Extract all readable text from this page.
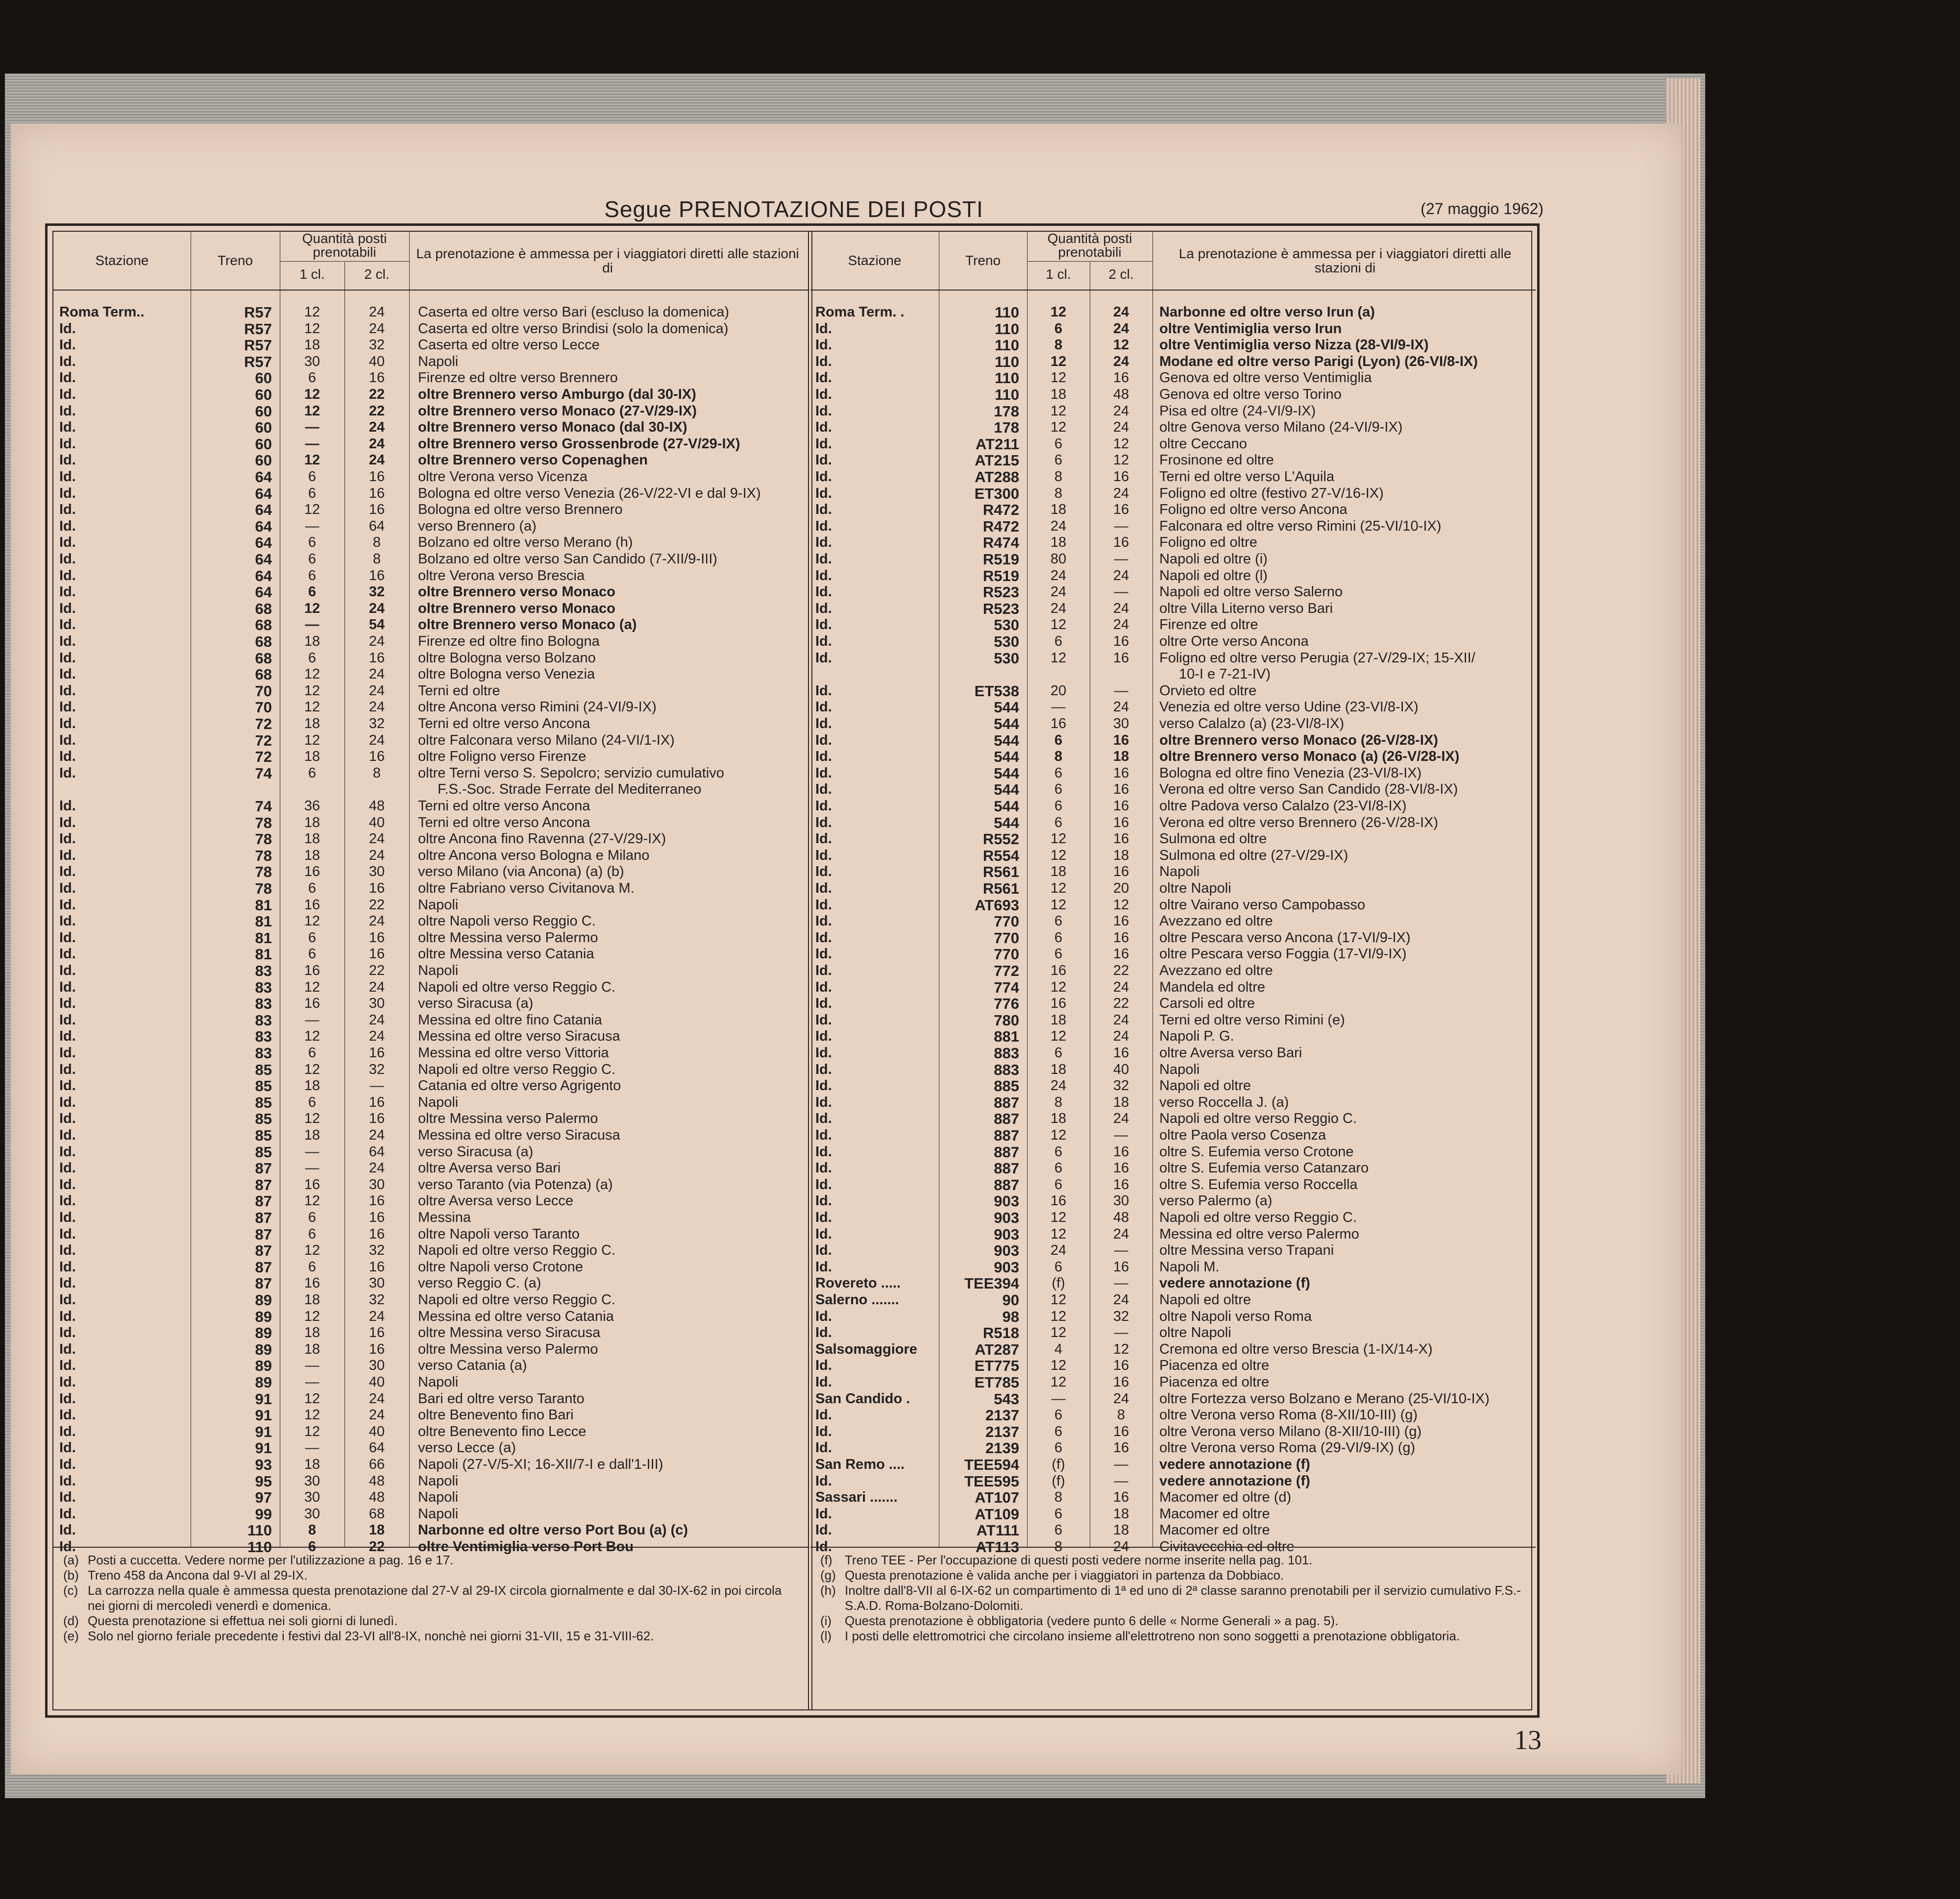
Segue PRENOTAZIONE DEI POSTI	(27 maggio 1962)
Stazione	Treno
Quantità posti prenotabili
1 cl.	2 cl.
La prenotazione è ammessa per i viaggiatori diretti alle stazioni di
Roma Term..	R57	12	24	Caserta ed oltre verso Bari (escluso la domenica)
Id.	R57	12	24	Caserta ed oltre verso Brindisi (solo la domenica)
Id.	R57	18	32	Caserta ed oltre verso Lecce
Id.	R57	30	40	Napoli
Id.	60	6	16	Firenze ed oltre verso Brennero
Id.	60	12	22	oltre Brennero verso Amburgo (dal 30-IX)
Id.	60	12	22	oltre Brennero verso Monaco (27-V/29-IX)
Id.	60	—	24	oltre Brennero verso Monaco (dal 30-IX)
Id.	60	—	24	oltre Brennero verso Grossenbrode (27-V/29-IX)
Id.	60	12	24	oltre Brennero verso Copenaghen
Id.	64	6	16	oltre Verona verso Vicenza
Id.	64	6	16	Bologna ed oltre verso Venezia (26-V/22-VI e dal 9-IX)
Id.	64	12	16	Bologna ed oltre verso Brennero
Id.	64	—	64	verso Brennero (a)
Id.	64	6	8	Bolzano ed oltre verso Merano (h)
Id.	64	6	8	Bolzano ed oltre verso San Candido (7-XII/9-III)
Id.	64	6	16	oltre Verona verso Brescia
Id.	64	6	32	oltre Brennero verso Monaco
Id.	68	12	24	oltre Brennero verso Monaco
Id.	68	—	54	oltre Brennero verso Monaco (a)
Id.	68	18	24	Firenze ed oltre fino Bologna
Id.	68	6	16	oltre Bologna verso Bolzano
Id.	68	12	24	oltre Bologna verso Venezia
Id.	70	12	24	Terni ed oltre
Id.	70	12	24	oltre Ancona verso Rimini (24-VI/9-IX)
Id.	72	18	32	Terni ed oltre verso Ancona
Id.	72	12	24	oltre Falconara verso Milano (24-VI/1-IX)
Id.	72	18	16	oltre Foligno verso Firenze
Id.	74	6	8	oltre Terni verso S. Sepolcro; servizio cumulativo
F.S.-Soc. Strade Ferrate del Mediterraneo
Id.	74	36	48	Terni ed oltre verso Ancona
Id.	78	18	40	Terni ed oltre verso Ancona
Id.	78	18	24	oltre Ancona fino Ravenna (27-V/29-IX)
Id.	78	18	24	oltre Ancona verso Bologna e Milano
Id.	78	16	30	verso Milano (via Ancona) (a) (b)
Id.	78	6	16	oltre Fabriano verso Civitanova M.
Id.	81	16	22	Napoli
Id.	81	12	24	oltre Napoli verso Reggio C.
Id.	81	6	16	oltre Messina verso Palermo
Id.	81	6	16	oltre Messina verso Catania
Id.	83	16	22	Napoli
Id.	83	12	24	Napoli ed oltre verso Reggio C.
Id.	83	16	30	verso Siracusa (a)
Id.	83	—	24	Messina ed oltre fino Catania
Id.	83	12	24	Messina ed oltre verso Siracusa
Id.	83	6	16	Messina ed oltre verso Vittoria
Id.	85	12	32	Napoli ed oltre verso Reggio C.
Id.	85	18	—	Catania ed oltre verso Agrigento
Id.	85	6	16	Napoli
Id.	85	12	16	oltre Messina verso Palermo
Id.	85	18	24	Messina ed oltre verso Siracusa
Id.	85	—	64	verso Siracusa (a)
Id.	87	—	24	oltre Aversa verso Bari
Id.	87	16	30	verso Taranto (via Potenza) (a)
Id.	87	12	16	oltre Aversa verso Lecce
Id.	87	6	16	Messina
Id.	87	6	16	oltre Napoli verso Taranto
Id.	87	12	32	Napoli ed oltre verso Reggio C.
Id.	87	6	16	oltre Napoli verso Crotone
Id.	87	16	30	verso Reggio C. (a)
Id.	89	18	32	Napoli ed oltre verso Reggio C.
Id.	89	12	24	Messina ed oltre verso Catania
Id.	89	18	16	oltre Messina verso Siracusa
Id.	89	18	16	oltre Messina verso Palermo
Id.	89	—	30	verso Catania (a)
Id.	89	—	40	Napoli
Id.	91	12	24	Bari ed oltre verso Taranto
Id.	91	12	24	oltre Benevento fino Bari
Id.	91	12	40	oltre Benevento fino Lecce
Id.	91	—	64	verso Lecce (a)
Id.	93	18	66	Napoli (27-V/5-XI; 16-XII/7-I e dall'1-III)
Id.	95	30	48	Napoli
Id.	97	30	48	Napoli
Id.	99	30	68	Napoli
Id.	110	8	18	Narbonne ed oltre verso Port Bou (a) (c)
Id.	110	6	22	oltre Ventimiglia verso Port Bou
(a) Posti a cuccetta. Vedere norme per l'utilizzazione a pag. 16 e 17.
(b) Treno 458 da Ancona dal 9-VI al 29-IX.
(c) La carrozza nella quale è ammessa questa prenotazione dal 27-V al 29-IX circola giornalmente e dal 30-IX-62 in poi circola nei giorni di mercoledì venerdì e domenica.
(d) Questa prenotazione si effettua nei soli giorni di lunedì.
(e) Solo nel giorno feriale precedente i festivi dal 23-VI all'8-IX, nonchè nei giorni 31-VII, 15 e 31-VIII-62.
Stazione	Treno
Quantità posti prenotabili
1 cl.	2 cl.
La prenotazione è ammessa per i viaggiatori diretti alle stazioni di
Roma Term. .	110	12	24	Narbonne ed oltre verso Irun (a)
Id.	110	6	24	oltre Ventimiglia verso Irun
Id.	110	8	12	oltre Ventimiglia verso Nizza (28-VI/9-IX)
Id.	110	12	24	Modane ed oltre verso Parigi (Lyon) (26-VI/8-IX)
Id.	110	12	16	Genova ed oltre verso Ventimiglia
Id.	110	18	48	Genova ed oltre verso Torino
Id.	178	12	24	Pisa ed oltre (24-VI/9-IX)
Id.	178	12	24	oltre Genova verso Milano (24-VI/9-IX)
Id.	AT211	6	12	oltre Ceccano
Id.	AT215	6	12	Frosinone ed oltre
Id.	AT288	8	16	Terni ed oltre verso L'Aquila
Id.	ET300	8	24	Foligno ed oltre (festivo 27-V/16-IX)
Id.	R472	18	16	Foligno ed oltre verso Ancona
Id.	R472	24	—	Falconara ed oltre verso Rimini (25-VI/10-IX)
Id.	R474	18	16	Foligno ed oltre
Id.	R519	80	—	Napoli ed oltre (i)
Id.	R519	24	24	Napoli ed oltre (l)
Id.	R523	24	—	Napoli ed oltre verso Salerno
Id.	R523	24	24	oltre Villa Literno verso Bari
Id.	530	12	24	Firenze ed oltre
Id.	530	6	16	oltre Orte verso Ancona
Id.	530	12	16	Foligno ed oltre verso Perugia (27-V/29-IX; 15-XII/
10-I e 7-21-IV)
Id.	ET538	20	—	Orvieto ed oltre
Id.	544	—	24	Venezia ed oltre verso Udine (23-VI/8-IX)
Id.	544	16	30	verso Calalzo (a) (23-VI/8-IX)
Id.	544	6	16	oltre Brennero verso Monaco (26-V/28-IX)
Id.	544	8	18	oltre Brennero verso Monaco (a) (26-V/28-IX)
Id.	544	6	16	Bologna ed oltre fino Venezia (23-VI/8-IX)
Id.	544	6	16	Verona ed oltre verso San Candido (28-VI/8-IX)
Id.	544	6	16	oltre Padova verso Calalzo (23-VI/8-IX)
Id.	544	6	16	Verona ed oltre verso Brennero (26-V/28-IX)
Id.	R552	12	16	Sulmona ed oltre
Id.	R554	12	18	Sulmona ed oltre (27-V/29-IX)
Id.	R561	18	16	Napoli
Id.	R561	12	20	oltre Napoli
Id.	AT693	12	12	oltre Vairano verso Campobasso
Id.	770	6	16	Avezzano ed oltre
Id.	770	6	16	oltre Pescara verso Ancona (17-VI/9-IX)
Id.	770	6	16	oltre Pescara verso Foggia (17-VI/9-IX)
Id.	772	16	22	Avezzano ed oltre
Id.	774	12	24	Mandela ed oltre
Id.	776	16	22	Carsoli ed oltre
Id.	780	18	24	Terni ed oltre verso Rimini (e)
Id.	881	12	24	Napoli P. G.
Id.	883	6	16	oltre Aversa verso Bari
Id.	883	18	40	Napoli
Id.	885	24	32	Napoli ed oltre
Id.	887	8	18	verso Roccella J. (a)
Id.	887	18	24	Napoli ed oltre verso Reggio C.
Id.	887	12	—	oltre Paola verso Cosenza
Id.	887	6	16	oltre S. Eufemia verso Crotone
Id.	887	6	16	oltre S. Eufemia verso Catanzaro
Id.	887	6	16	oltre S. Eufemia verso Roccella
Id.	903	16	30	verso Palermo (a)
Id.	903	12	48	Napoli ed oltre verso Reggio C.
Id.	903	12	24	Messina ed oltre verso Palermo
Id.	903	24	—	oltre Messina verso Trapani
Id.	903	6	16	Napoli M.
Rovereto .....	TEE394	(f)	—	vedere annotazione (f)
Salerno .......	90	12	24	Napoli ed oltre
Id.	98	12	32	oltre Napoli verso Roma
Id.	R518	12	—	oltre Napoli
Salsomaggiore	AT287	4	12	Cremona ed oltre verso Brescia (1-IX/14-X)
Id.	ET775	12	16	Piacenza ed oltre
Id.	ET785	12	16	Piacenza ed oltre
San Candido .	543	—	24	oltre Fortezza verso Bolzano e Merano (25-VI/10-IX)
Id.	2137	6	8	oltre Verona verso Roma (8-XII/10-III) (g)
Id.	2137	6	16	oltre Verona verso Milano (8-XII/10-III) (g)
Id.	2139	6	16	oltre Verona verso Roma (29-VI/9-IX) (g)
San Remo ....	TEE594	(f)	—	vedere annotazione (f)
Id.	TEE595	(f)	—	vedere annotazione (f)
Sassari .......	AT107	8	16	Macomer ed oltre (d)
Id.	AT109	6	18	Macomer ed oltre
Id.	AT111	6	18	Macomer ed oltre
Id.	AT113	8	24	Civitavecchia ed oltre
(f) Treno TEE - Per l'occupazione di questi posti vedere norme inserite nella pag. 101.
(g) Questa prenotazione è valida anche per i viaggiatori in partenza da Dobbiaco.
(h) Inoltre dall'8-VII al 6-IX-62 un compartimento di 1ª ed uno di 2ª classe saranno prenotabili per il servizio cumulativo F.S.-S.A.D. Roma-Bolzano-Dolomiti.
(i)	Questa prenotazione è obbligatoria (vedere punto 6 delle « Norme Generali » a pag. 5).
(l)	I posti delle elettromotrici che circolano insieme all'elettrotreno non sono soggetti a prenotazione obbligatoria.
13
